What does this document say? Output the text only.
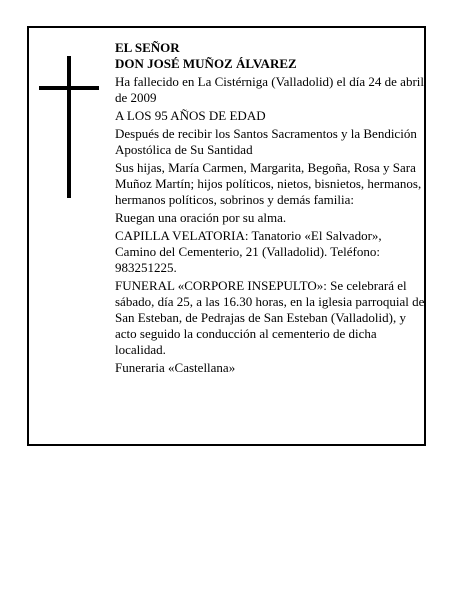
EL SEÑOR

DON JOSÉ MUÑOZ ÁLVAREZ

Ha fallecido en La Cistérniga (Valladolid) el día 24 de abril de 2009

A LOS 95 AÑOS DE EDAD

Después de recibir los Santos Sacramentos y la Bendición Apostólica de Su Santidad

Sus hijas, María Carmen, Margarita, Begoña, Rosa y Sara Muñoz Martín; hijos políticos, nietos, bisnietos, hermanos, hermanos políticos, sobrinos y demás familia:

Ruegan una oración por su alma.

CAPILLA VELATORIA: Tanatorio «El Salvador», Camino del Cementerio, 21 (Valladolid). Teléfono: 983251225.

FUNERAL «CORPORE INSEPULTO»: Se celebrará el sábado, día 25, a las 16.30 horas, en la iglesia parroquial de San Esteban, de Pedrajas de San Esteban (Valladolid), y acto seguido la conducción al cementerio de dicha localidad.

Funeraria «Castellana»
